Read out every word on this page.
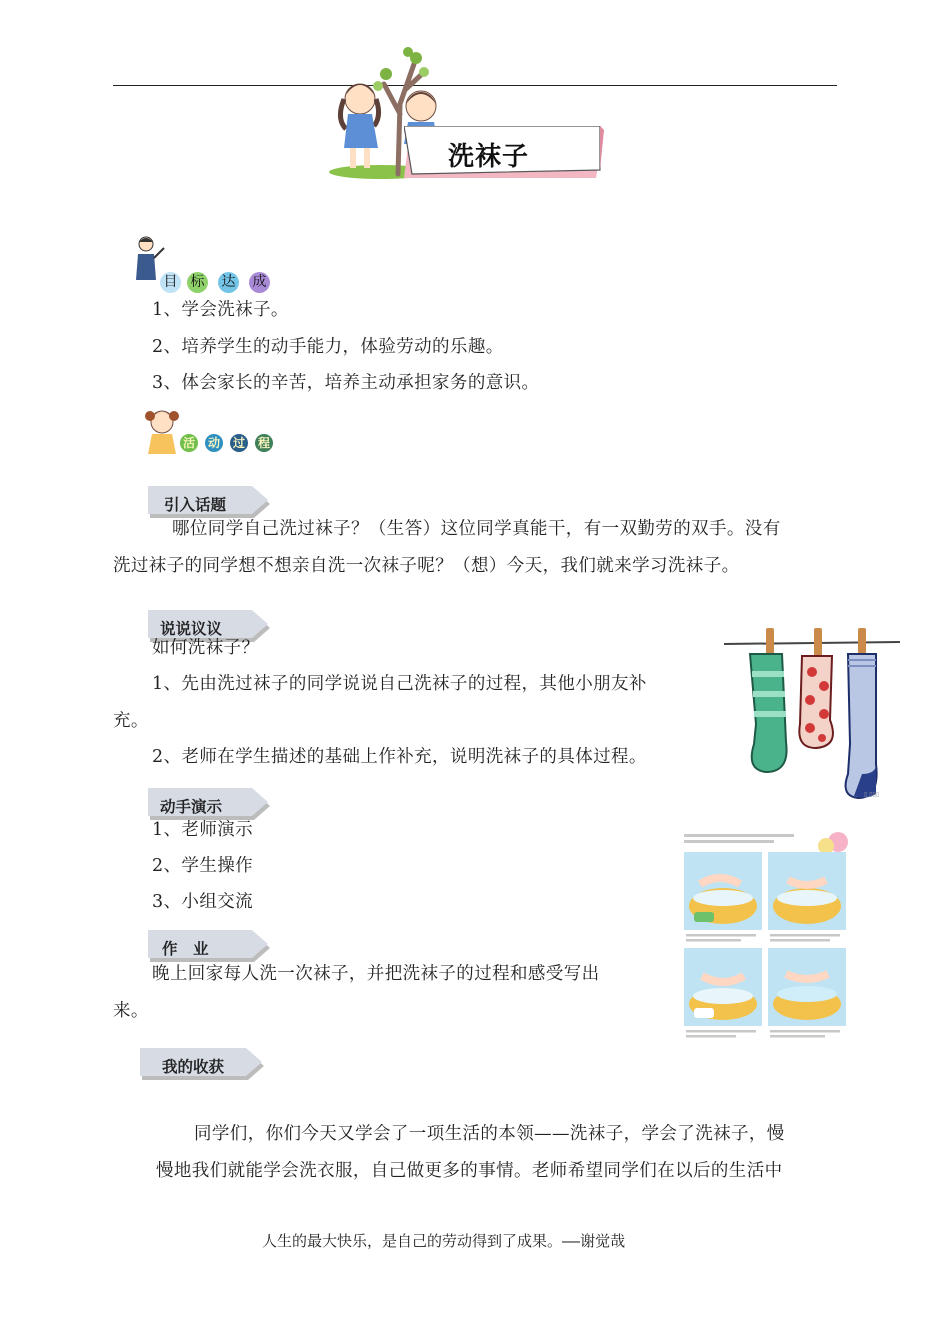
洗袜子
目 标 达 成
1、学会洗袜子。
2、培养学生的动手能力，体验劳动的乐趣。
3、体会家长的辛苦，培养主动承担家务的意识。
活 动 过 程
引入话题
哪位同学自己洗过袜子？（生答）这位同学真能干，有一双勤劳的双手。没有
洗过袜子的同学想不想亲自洗一次袜子呢？（想）今天，我们就来学习洗袜子。
说说议议
如何洗袜子？
1、先由洗过袜子的同学说说自己洗袜子的过程，其他小朋友补
充。
2、老师在学生描述的基础上作补充，说明洗袜子的具体过程。
▯ ▯▯▯
动手演示
1、老师演示
2、学生操作
3、小组交流
作　业
晚上回家每人洗一次袜子，并把洗袜子的过程和感受写出
来。
我的收获
同学们，你们今天又学会了一项生活的本领——洗袜子，学会了洗袜子，慢
慢地我们就能学会洗衣服，自己做更多的事情。老师希望同学们在以后的生活中
人生的最大快乐，是自己的劳动得到了成果。——谢觉哉
